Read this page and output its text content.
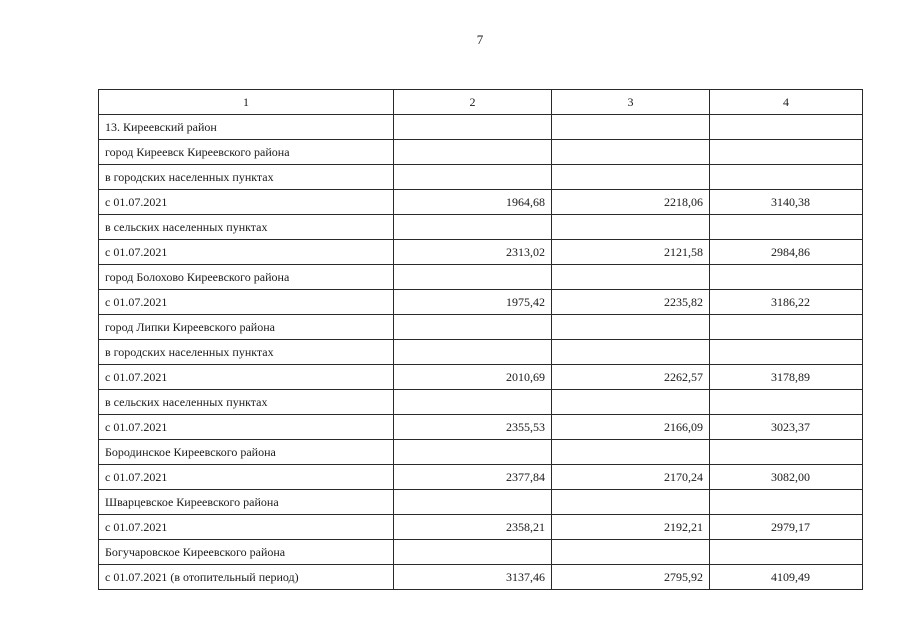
7
1	2	3	4
13. Киреевский район			
город Киреевск Киреевского района			
в городских населенных пунктах			
с 01.07.2021	1964,68	2218,06	3140,38
в сельских населенных пунктах			
с 01.07.2021	2313,02	2121,58	2984,86
город Болохово Киреевского района			
с 01.07.2021	1975,42	2235,82	3186,22
город Липки Киреевского района			
в городских населенных пунктах			
с 01.07.2021	2010,69	2262,57	3178,89
в сельских населенных пунктах			
с 01.07.2021	2355,53	2166,09	3023,37
Бородинское Киреевского района			
с 01.07.2021	2377,84	2170,24	3082,00
Шварцевское Киреевского района			
с 01.07.2021	2358,21	2192,21	2979,17
Богучаровское Киреевского района			
с 01.07.2021 (в отопительный период)	3137,46	2795,92	4109,49
